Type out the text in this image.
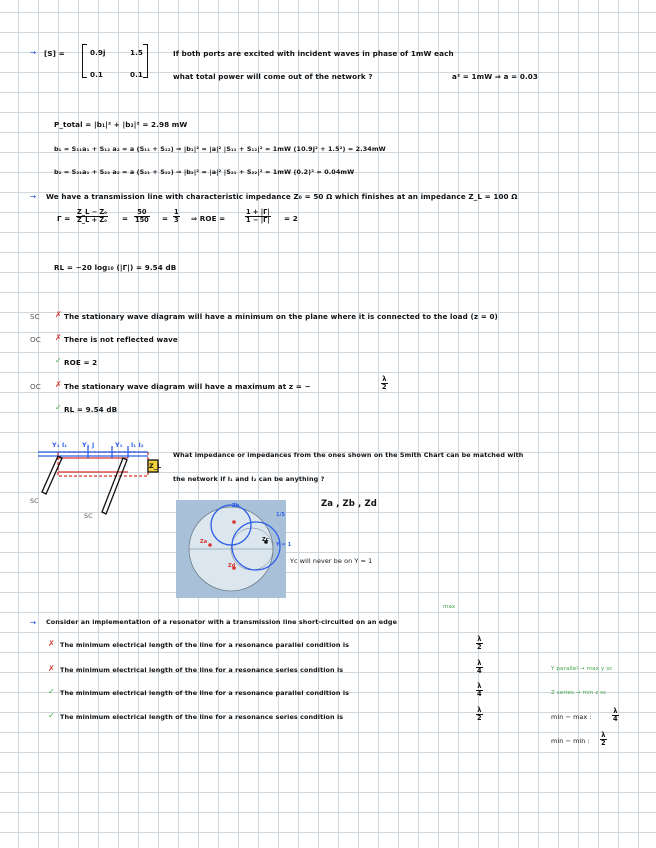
→ [S] =	0.9j	1.5
0.1	0.1
If both ports are excited with incident waves in phase of 1mW each
what total power will come out of the network ?	a² = 1mW ⇒ a = 0.03
P_total = |b₁|² + |b₂|² = 2.98 mW
b₁ = S₁₁a₁ + S₁₂ a₂ = a (S₁₁ + S₁₂) ⇒ |b₁|² = |a|² |S₁₁ + S₁₂|² = 1mW (10.9j² + 1.5²) = 2.34mW
b₂ = S₂₁a₁ + S₂₂ a₂ = a (S₂₁ + S₂₂) ⇒ |b₂|² = |a|² |S₂₁ + S₂₂|² = 1mW (0.2)² = 0.04mW
→ We have a transmission line with characteristic impedance Z₀ = 50 Ω which finishes at an impedance Z_L = 100 Ω
$\Gamma = \frac{\text{Z\_L − Z₀}}{\text{Z\_L + Z₀}} = \frac{50}{150} = \frac{1}{3}$ ⇒ ROE =	$\frac{1 + |\Gamma|}{1 - |\Gamma|} = 2$
RL = −20 log₁₀ (|Γ|) = 9.54 dB
SC ✗ The stationary wave diagram will have a minimum on the plane where it is connected to the load (z = 0)
OC ✗ There is not reflected wave
✓ ROE = 2
OC ✗ The stationary wave diagram will have a maximum at z = −	$\frac{\lambda}{2}$
✓ RL = 9.54 dB
Y₁ l₁ Y₁ j	Y₁ l₁ l₂
Z_L
SC
SC
What impedance or impedances from the ones shown on the Smith Chart can be matched with
the network if l₁ and l₂ can be anything ?
Za , Zb , Zd
Zb
Za	Zc
Zd
Y = 1
1/5
Yc will never be on Y = 1
max
→ Consider an implementation of a resonator with a transmission line short-circuited on an edge
✗ The minimum electrical length of the line for a resonance parallel condition is	$\frac{\lambda}{2}$
✗ The minimum electrical length of the line for a resonance series condition is	$\frac{\lambda}{4}$
✓ The minimum electrical length of the line for a resonance parallel condition is	$\frac{\lambda}{4}$
✓ The minimum electrical length of the line for a resonance series condition is	$\frac{\lambda}{2}$
Y parallel → max y sc
Z series → min z sc
min − max :	$\frac{\lambda}{4}$
min − min : $\frac{\lambda}{2}$
